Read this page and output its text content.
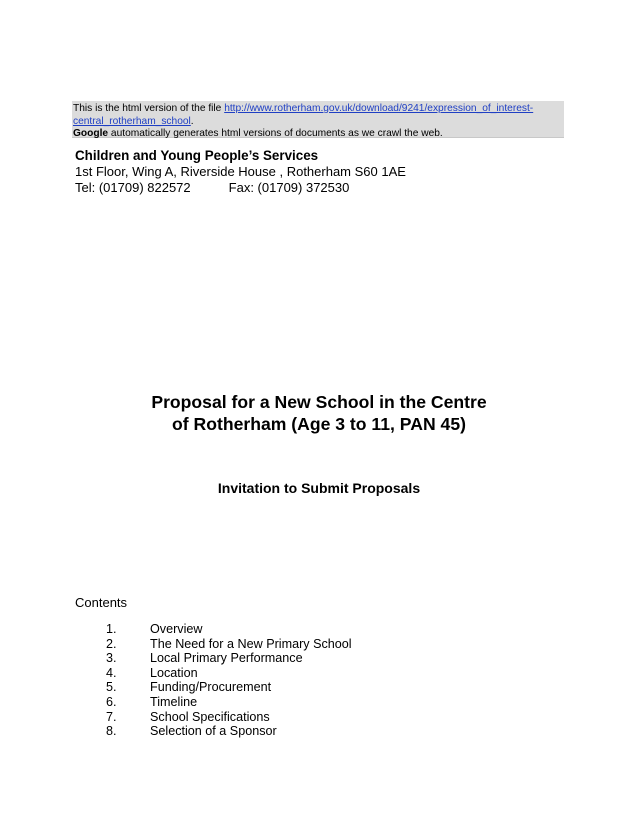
This is the html version of the file http://www.rotherham.gov.uk/download/9241/expression_of_interest-central_rotherham_school.
Google automatically generates html versions of documents as we crawl the web.
Children and Young People’s Services
1st Floor, Wing A, Riverside House , Rotherham S60 1AE
Tel: (01709) 822572	Fax: (01709) 372530
Proposal for a New School in the Centre

of Rotherham (Age 3 to 11, PAN 45)
Invitation to Submit Proposals
Contents
1.	Overview
2.	The Need for a New Primary School
3.	Local Primary Performance
4.	Location
5.	Funding/Procurement
6.	Timeline
7.	School Specifications
8.	Selection of a Sponsor
